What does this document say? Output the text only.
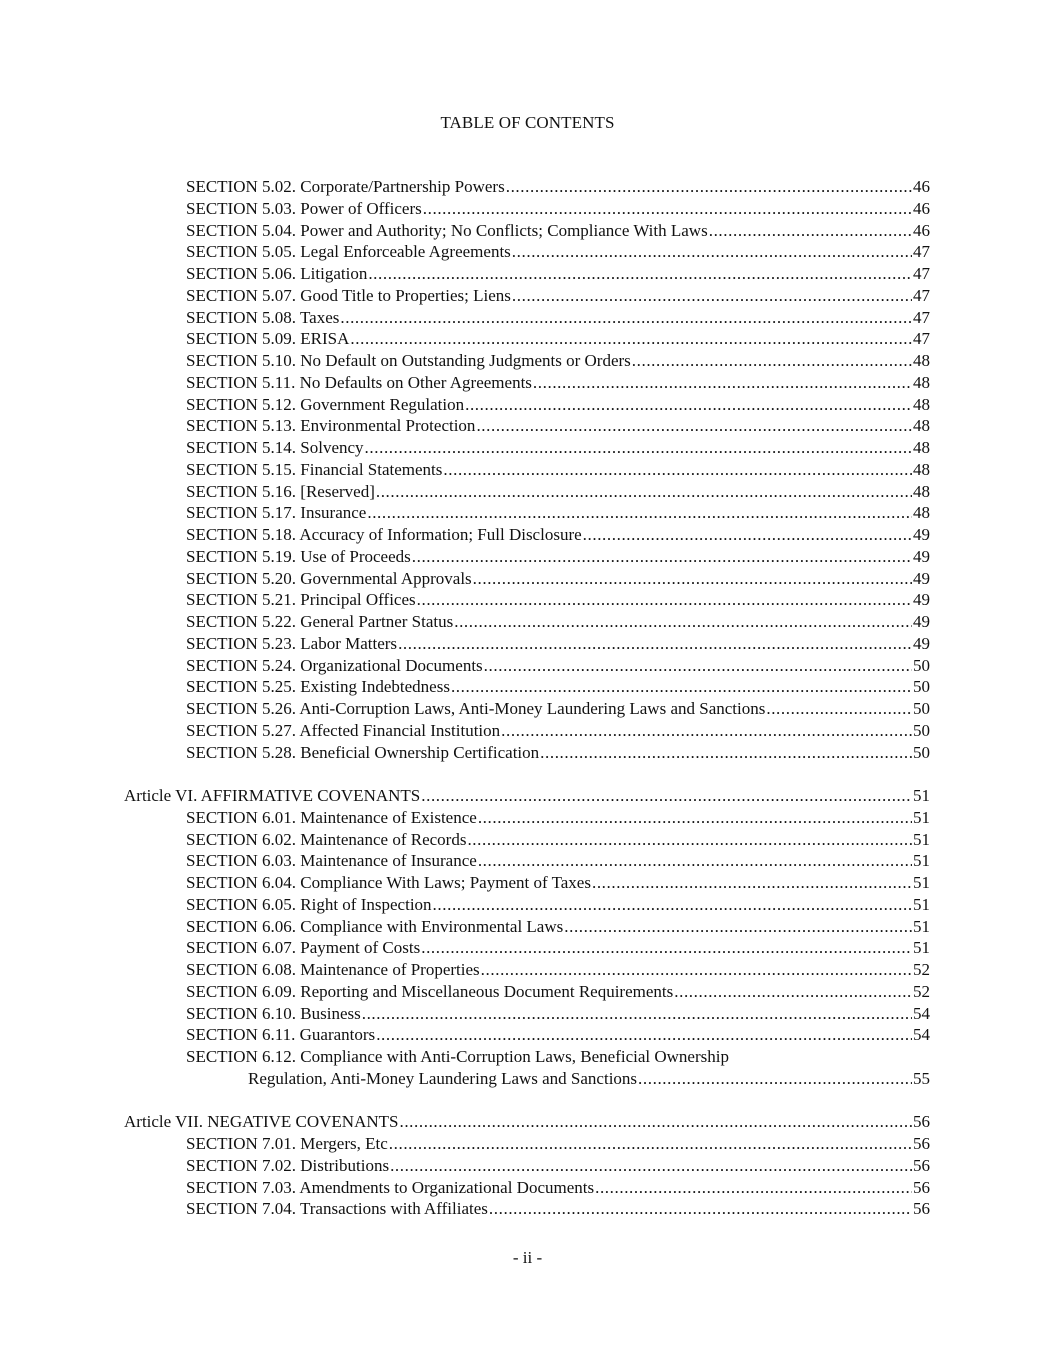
TABLE OF CONTENTS
SECTION 5.02. Corporate/Partnership Powers .....	46
SECTION 5.03. Power of Officers .....	46
SECTION 5.04. Power and Authority; No Conflicts; Compliance With Laws .....	46
SECTION 5.05. Legal Enforceable Agreements .....	47
SECTION 5.06. Litigation .....	47
SECTION 5.07. Good Title to Properties; Liens .....	47
SECTION 5.08. Taxes .....	47
SECTION 5.09. ERISA .....	47
SECTION 5.10. No Default on Outstanding Judgments or Orders .....	48
SECTION 5.11. No Defaults on Other Agreements .....	48
SECTION 5.12. Government Regulation .....	48
SECTION 5.13. Environmental Protection .....	48
SECTION 5.14. Solvency .....	48
SECTION 5.15. Financial Statements .....	48
SECTION 5.16. [Reserved] .....	48
SECTION 5.17. Insurance .....	48
SECTION 5.18. Accuracy of Information; Full Disclosure .....	49
SECTION 5.19. Use of Proceeds .....	49
SECTION 5.20. Governmental Approvals .....	49
SECTION 5.21. Principal Offices .....	49
SECTION 5.22. General Partner Status .....	49
SECTION 5.23. Labor Matters .....	49
SECTION 5.24. Organizational Documents .....	50
SECTION 5.25. Existing Indebtedness .....	50
SECTION 5.26. Anti-Corruption Laws, Anti-Money Laundering Laws and Sanctions .....	50
SECTION 5.27. Affected Financial Institution .....	50
SECTION 5.28. Beneficial Ownership Certification .....	50
Article VI. AFFIRMATIVE COVENANTS .....	51
SECTION 6.01. Maintenance of Existence .....	51
SECTION 6.02. Maintenance of Records .....	51
SECTION 6.03. Maintenance of Insurance .....	51
SECTION 6.04. Compliance With Laws; Payment of Taxes .....	51
SECTION 6.05. Right of Inspection .....	51
SECTION 6.06. Compliance with Environmental Laws .....	51
SECTION 6.07. Payment of Costs .....	51
SECTION 6.08. Maintenance of Properties .....	52
SECTION 6.09. Reporting and Miscellaneous Document Requirements .....	52
SECTION 6.10. Business .....	54
SECTION 6.11. Guarantors .....	54
SECTION 6.12. Compliance with Anti-Corruption Laws, Beneficial Ownership
Regulation, Anti-Money Laundering Laws and Sanctions .....	55
Article VII. NEGATIVE COVENANTS .....	56
SECTION 7.01. Mergers, Etc .....	56
SECTION 7.02. Distributions .....	56
SECTION 7.03. Amendments to Organizational Documents .....	56
SECTION 7.04. Transactions with Affiliates .....	56
- ii -
